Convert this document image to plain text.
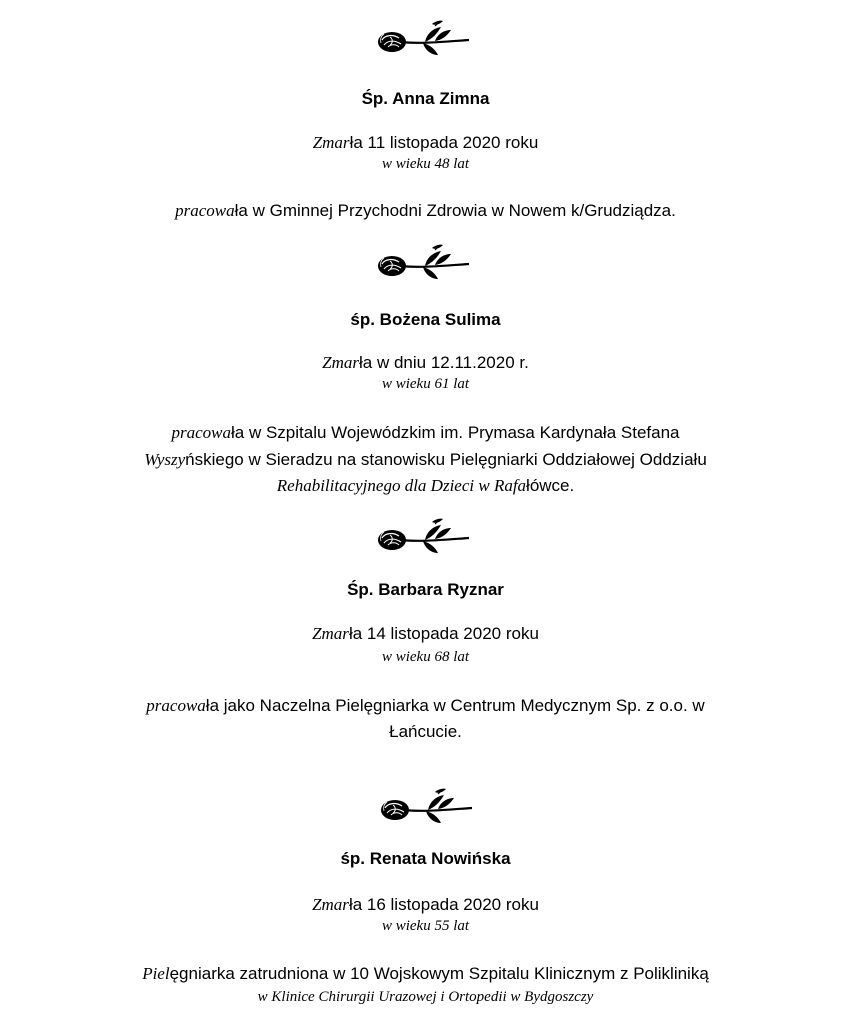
Śp. Anna Zimna
Zmarła 11 listopada 2020 roku
w wieku 48 lat
pracowała w Gminnej Przychodni Zdrowia w Nowem k/Grudziądza.
śp. Bożena Sulima
Zmarła w dniu 12.11.2020 r.
w wieku 61 lat
pracowała w Szpitalu Wojewódzkim im. Prymasa Kardynała Stefana
Wyszyńskiego w Sieradzu na stanowisku Pielęgniarki Oddziałowej Oddziału
Rehabilitacyjnego dla Dzieci w Rafałówce.
Śp. Barbara Ryznar
Zmarła 14 listopada 2020 roku
w wieku 68 lat
pracowała jako Naczelna Pielęgniarka w Centrum Medycznym Sp. z o.o. w
Łańcucie.
śp. Renata Nowińska
Zmarła 16 listopada 2020 roku
w wieku 55 lat
Pielęgniarka zatrudniona w 10 Wojskowym Szpitalu Klinicznym z Polikliniką
w Klinice Chirurgii Urazowej i Ortopedii w Bydgoszczy
